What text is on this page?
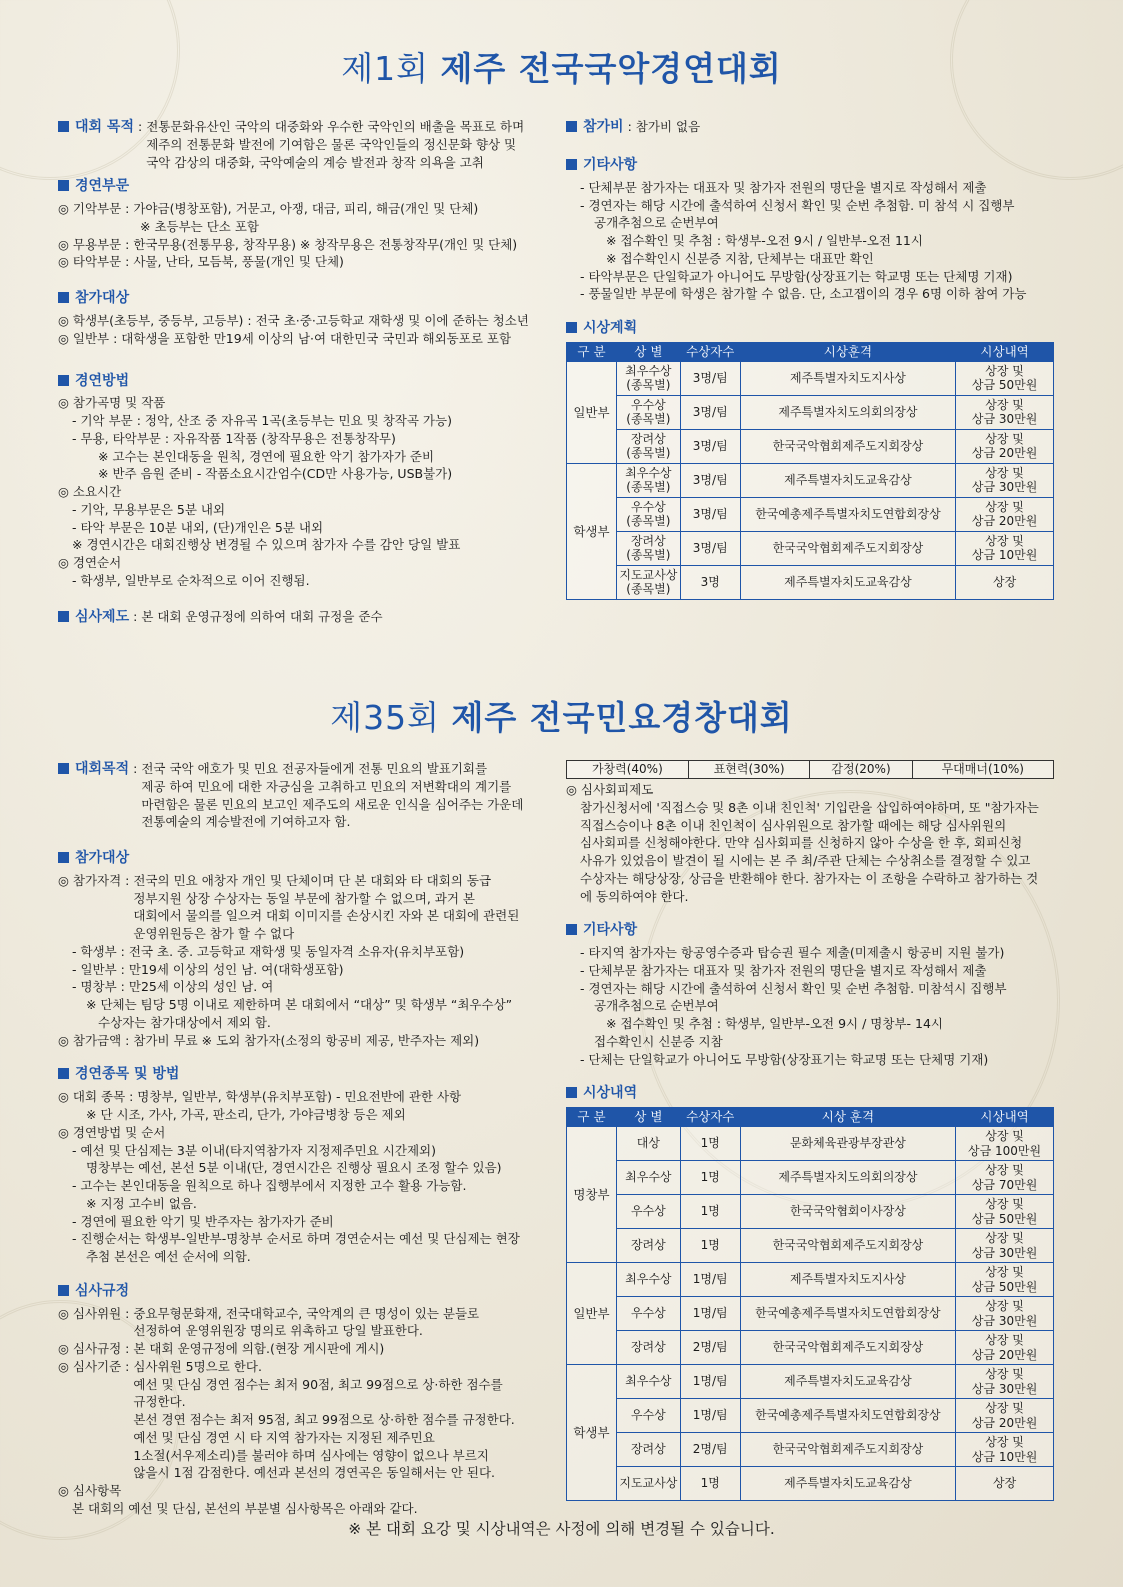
제1회 제주 전국국악경연대회
대회 목적 : 전통문화유산인 국악의 대중화와 우수한 국악인의 배출을 목표로 하며
제주의 전통문화 발전에 기여함은 물론 국악인들의 정신문화 향상 및
국악 감상의 대중화, 국악예술의 계승 발전과 창작 의욕을 고취
경연부문
◎ 기악부문 : 가야금(병창포함), 거문고, 아쟁, 대금, 피리, 해금(개인 및 단체)
※ 초등부는 단소 포함
◎ 무용부문 : 한국무용(전통무용, 창작무용) ※ 창작무용은 전통창작무(개인 및 단체)
◎ 타악부문 : 사물, 난타, 모듬북, 풍물(개인 및 단체)
참가대상
◎ 학생부(초등부, 중등부, 고등부) : 전국 초·중·고등학교 재학생 및 이에 준하는 청소년
◎ 일반부 : 대학생을 포함한 만19세 이상의 남·여 대한민국 국민과 해외동포로 포함
경연방법
◎ 참가곡명 및 작품
- 기악 부문 : 정악, 산조 중 자유곡 1곡(초등부는 민요 및 창작곡 가능)
- 무용, 타악부문 : 자유작품 1작품 (창작무용은 전통창작무)
※ 고수는 본인대동을 원칙, 경연에 필요한 악기 참가자가 준비
※ 반주 음원 준비 - 작품소요시간엄수(CD만 사용가능, USB불가)
◎ 소요시간
- 기악, 무용부문은 5분 내외
- 타악 부문은 10분 내외, (단)개인은 5분 내외
※ 경연시간은 대회진행상 변경될 수 있으며 참가자 수를 감안 당일 발표
◎ 경연순서
- 학생부, 일반부로 순차적으로 이어 진행됨.
심사제도 : 본 대회 운영규정에 의하여 대회 규정을 준수
참가비 : 참가비 없음
기타사항
- 단체부문 참가자는 대표자 및 참가자 전원의 명단을 별지로 작성해서 제출
- 경연자는 해당 시간에 출석하여 신청서 확인 및 순번 추첨함. 미 참석 시 집행부
공개추첨으로 순번부여
※ 접수확인 및 추첨 : 학생부-오전 9시 / 일반부-오전 11시
※ 접수확인시 신분증 지참, 단체부는 대표만 확인
- 타악부문은 단일학교가 아니어도 무방함(상장표기는 학교명 또는 단체명 기재)
- 풍물일반 부문에 학생은 참가할 수 없음. 단, 소고잽이의 경우 6명 이하 참여 가능
시상계획
구 분	상 별	수상자수	시상훈격	시상내역
일반부	최우수상
(종목별)	3명/팀	제주특별자치도지사상	상장 및
상금 50만원
	우수상
(종목별)	3명/팀	제주특별자치도의회의장상	상장 및
상금 30만원
	장려상
(종목별)	3명/팀	한국국악협회제주도지회장상	상장 및
상금 20만원
학생부	최우수상
(종목별)	3명/팀	제주특별자치도교육감상	상장 및
상금 30만원
	우수상
(종목별)	3명/팀	한국예총제주특별자치도연합회장상	상장 및
상금 20만원
	장려상
(종목별)	3명/팀	한국국악협회제주도지회장상	상장 및
상금 10만원
	지도교사상
(종목별)	3명	제주특별자치도교육감상	상장
제35회 제주 전국민요경창대회
대회목적 : 전국 국악 애호가 및 민요 전공자들에게 전통 민요의 발표기회를
제공 하여 민요에 대한 자긍심을 고취하고 민요의 저변확대의 계기를
마련함은 물론 민요의 보고인 제주도의 새로운 인식을 심어주는 가운데
전통예술의 계승발전에 기여하고자 함.
참가대상
◎ 참가자격 : 전국의 민요 애창자 개인 및 단체이며 단 본 대회와 타 대회의 동급
정부지원 상장 수상자는 동일 부문에 참가할 수 없으며, 과거 본
대회에서 물의를 일으켜 대회 이미지를 손상시킨 자와 본 대회에 관련된
운영위원등은 참가 할 수 없다
- 학생부 : 전국 초. 중. 고등학교 재학생 및 동일자격 소유자(유치부포함)
- 일반부 : 만19세 이상의 성인 남. 여(대학생포함)
- 명창부 : 만25세 이상의 성인 남. 여
※ 단체는 팀당 5명 이내로 제한하며 본 대회에서 “대상” 및 학생부 “최우수상”
수상자는 참가대상에서 제외 함.
◎ 참가금액 : 참가비 무료 ※ 도외 참가자(소정의 항공비 제공, 반주자는 제외)
경연종목 및 방법
◎ 대회 종목 : 명창부, 일반부, 학생부(유치부포함) - 민요전반에 관한 사항
※ 단 시조, 가사, 가곡, 판소리, 단가, 가야금병창 등은 제외
◎ 경연방법 및 순서
- 예선 및 단심제는 3분 이내(타지역참가자 지정제주민요 시간제외)
명창부는 예선, 본선 5분 이내(단, 경연시간은 진행상 필요시 조정 할수 있음)
- 고수는 본인대동을 원칙으로 하나 집행부에서 지정한 고수 활용 가능함.
※ 지정 고수비 없음.
- 경연에 필요한 악기 및 반주자는 참가자가 준비
- 진행순서는 학생부-일반부-명창부 순서로 하며 경연순서는 예선 및 단심제는 현장
추첨 본선은 예선 순서에 의함.
심사규정
◎ 심사위원 : 중요무형문화재, 전국대학교수, 국악계의 큰 명성이 있는 분들로
선정하여 운영위원장 명의로 위촉하고 당일 발표한다.
◎ 심사규정 : 본 대회 운영규정에 의함.(현장 게시판에 게시)
◎ 심사기준 : 심사위원 5명으로 한다.
예선 및 단심 경연 점수는 최저 90점, 최고 99점으로 상·하한 점수를
규정한다.
본선 경연 점수는 최저 95점, 최고 99점으로 상·하한 점수를 규정한다.
예선 및 단심 경연 시 타 지역 참가자는 지정된 제주민요
1소절(서우제소리)를 불러야 하며 심사에는 영향이 없으나 부르지
않을시 1점 감점한다. 예선과 본선의 경연곡은 동일해서는 안 된다.
◎ 심사항목
본 대회의 예선 및 단심, 본선의 부분별 심사항목은 아래와 같다.
가창력(40%)	표현력(30%)	감정(20%)	무대매너(10%)
◎ 심사회피제도
참가신청서에 '직접스승 및 8촌 이내 친인척' 기입란을 삽입하여야하며, 또 "참가자는
직접스승이나 8촌 이내 친인척이 심사위원으로 참가할 때에는 해당 심사위원의
심사회피를 신청해야한다. 만약 심사회피를 신청하지 않아 수상을 한 후, 회피신청
사유가 있었음이 발견이 될 시에는 본 주 최/주관 단체는 수상취소를 결정할 수 있고
수상자는 해당상장, 상금을 반환해야 한다. 참가자는 이 조항을 수락하고 참가하는 것
에 동의하여야 한다.
기타사항
- 타지역 참가자는 항공영수증과 탑승권 필수 제출(미제출시 항공비 지원 불가)
- 단체부문 참가자는 대표자 및 참가자 전원의 명단을 별지로 작성해서 제출
- 경연자는 해당 시간에 출석하여 신청서 확인 및 순번 추첨함. 미참석시 집행부
공개추첨으로 순번부여
※ 접수확인 및 추첨 : 학생부, 일반부-오전 9시 / 명창부- 14시
접수확인시 신분증 지참
- 단체는 단일학교가 아니어도 무방함(상장표기는 학교명 또는 단체명 기재)
시상내역
구 분	상 별	수상자수	시상 훈격	시상내역
명창부	대상	1명	문화체육관광부장관상	상장 및
상금 100만원
	최우수상	1명	제주특별자치도의회의장상	상장 및
상금 70만원
	우수상	1명	한국국악협회이사장상	상장 및
상금 50만원
	장려상	1명	한국국악협회제주도지회장상	상장 및
상금 30만원
일반부	최우수상	1명/팀	제주특별자치도지사상	상장 및
상금 50만원
	우수상	1명/팀	한국예총제주특별자치도연합회장상	상장 및
상금 30만원
	장려상	2명/팀	한국국악협회제주도지회장상	상장 및
상금 20만원
학생부	최우수상	1명/팀	제주특별자치도교육감상	상장 및
상금 30만원
	우수상	1명/팀	한국예총제주특별자치도연합회장상	상장 및
상금 20만원
	장려상	2명/팀	한국국악협회제주도지회장상	상장 및
상금 10만원
	지도교사상	1명	제주특별자치도교육감상	상장
※ 본 대회 요강 및 시상내역은 사정에 의해 변경될 수 있습니다.
